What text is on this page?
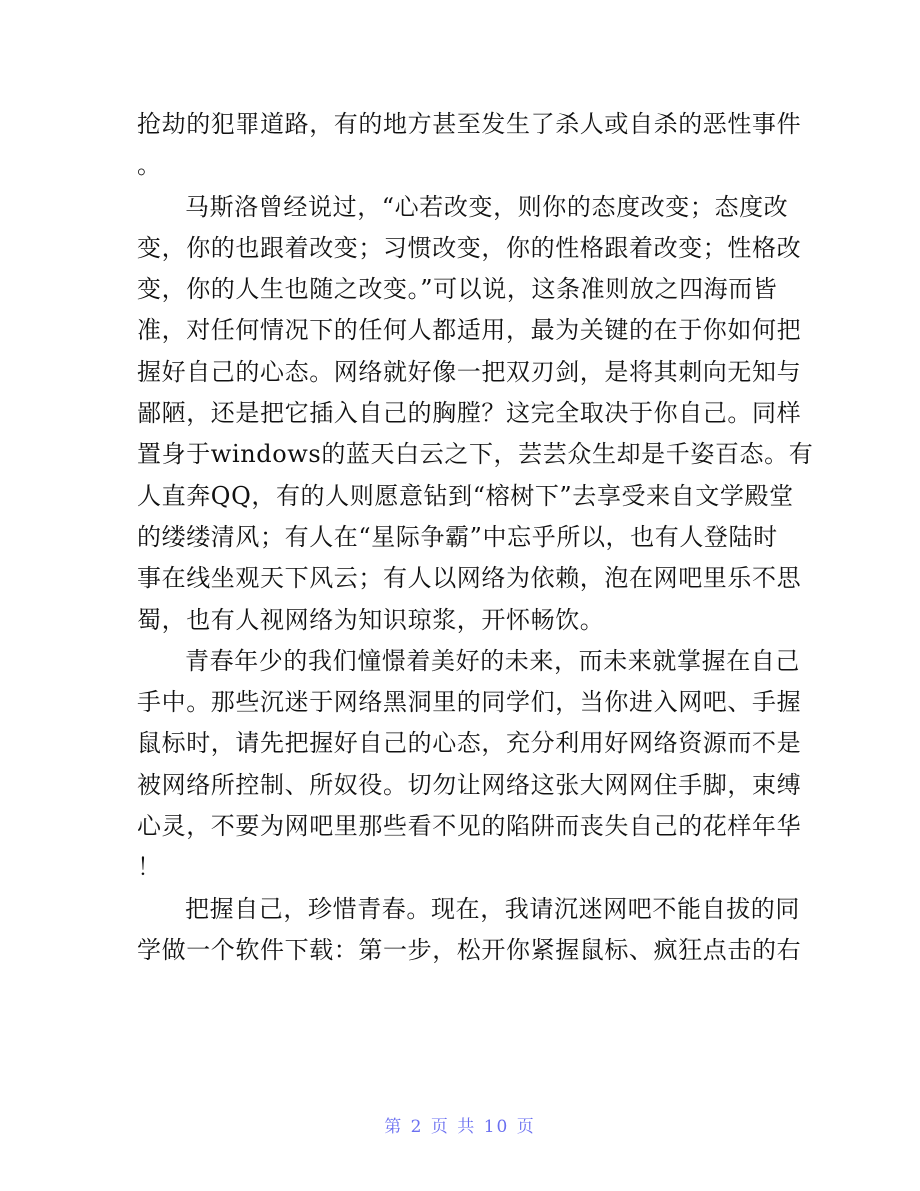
抢劫的犯罪道路，有的地方甚至发生了杀人或自杀的恶性事件
。
马斯洛曾经说过，“心若改变，则你的态度改变；态度改
变，你的也跟着改变；习惯改变，你的性格跟着改变；性格改
变，你的人生也随之改变。”可以说，这条准则放之四海而皆
准，对任何情况下的任何人都适用，最为关键的在于你如何把
握好自己的心态。网络就好像一把双刃剑，是将其刺向无知与
鄙陋，还是把它插入自己的胸膛？这完全取决于你自己。同样
置身于windows的蓝天白云之下，芸芸众生却是千姿百态。有
人直奔QQ，有的人则愿意钻到“榕树下”去享受来自文学殿堂
的缕缕清风；有人在“星际争霸”中忘乎所以，也有人登陆时
事在线坐观天下风云；有人以网络为依赖，泡在网吧里乐不思
蜀，也有人视网络为知识琼浆，开怀畅饮。
青春年少的我们憧憬着美好的未来，而未来就掌握在自己
手中。那些沉迷于网络黑洞里的同学们，当你进入网吧、手握
鼠标时，请先把握好自己的心态，充分利用好网络资源而不是
被网络所控制、所奴役。切勿让网络这张大网网住手脚，束缚
心灵，不要为网吧里那些看不见的陷阱而丧失自己的花样年华
！
把握自己，珍惜青春。现在，我请沉迷网吧不能自拔的同
学做一个软件下载：第一步，松开你紧握鼠标、疯狂点击的右
第 2 页 共 10 页
